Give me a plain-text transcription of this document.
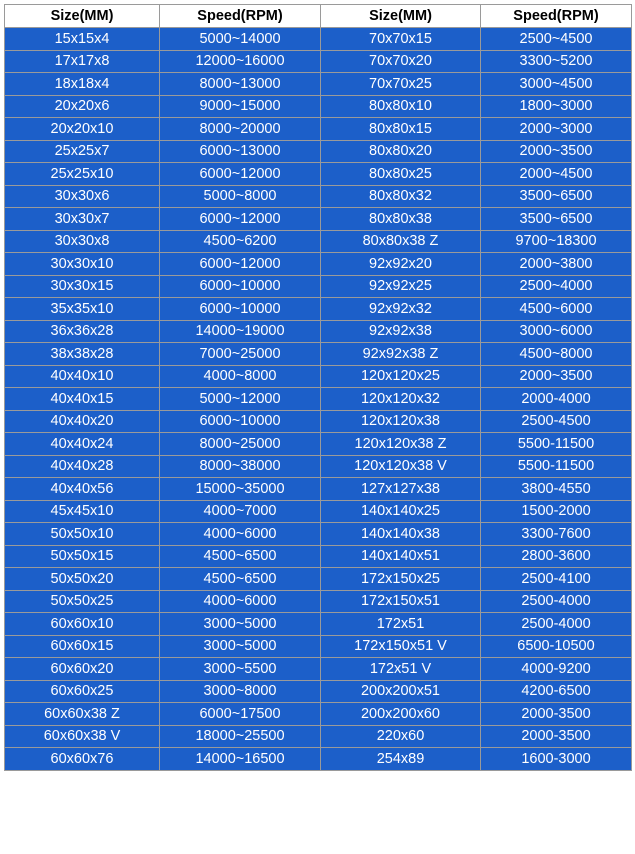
Size(MM)	Speed(RPM)	Size(MM)	Speed(RPM)
15x15x4	5000~14000	70x70x15	2500~4500
17x17x8	12000~16000	70x70x20	3300~5200
18x18x4	8000~13000	70x70x25	3000~4500
20x20x6	9000~15000	80x80x10	1800~3000
20x20x10	8000~20000	80x80x15	2000~3000
25x25x7	6000~13000	80x80x20	2000~3500
25x25x10	6000~12000	80x80x25	2000~4500
30x30x6	5000~8000	80x80x32	3500~6500
30x30x7	6000~12000	80x80x38	3500~6500
30x30x8	4500~6200	80x80x38 Z	9700~18300
30x30x10	6000~12000	92x92x20	2000~3800
30x30x15	6000~10000	92x92x25	2500~4000
35x35x10	6000~10000	92x92x32	4500~6000
36x36x28	14000~19000	92x92x38	3000~6000
38x38x28	7000~25000	92x92x38 Z	4500~8000
40x40x10	4000~8000	120x120x25	2000~3500
40x40x15	5000~12000	120x120x32	2000-4000
40x40x20	6000~10000	120x120x38	2500-4500
40x40x24	8000~25000	120x120x38 Z	5500-11500
40x40x28	8000~38000	120x120x38 V	5500-11500
40x40x56	15000~35000	127x127x38	3800-4550
45x45x10	4000~7000	140x140x25	1500-2000
50x50x10	4000~6000	140x140x38	3300-7600
50x50x15	4500~6500	140x140x51	2800-3600
50x50x20	4500~6500	172x150x25	2500-4100
50x50x25	4000~6000	172x150x51	2500-4000
60x60x10	3000~5000	172x51	2500-4000
60x60x15	3000~5000	172x150x51 V	6500-10500
60x60x20	3000~5500	172x51 V	4000-9200
60x60x25	3000~8000	200x200x51	4200-6500
60x60x38 Z	6000~17500	200x200x60	2000-3500
60x60x38 V	18000~25500	220x60	2000-3500
60x60x76	14000~16500	254x89	1600-3000
